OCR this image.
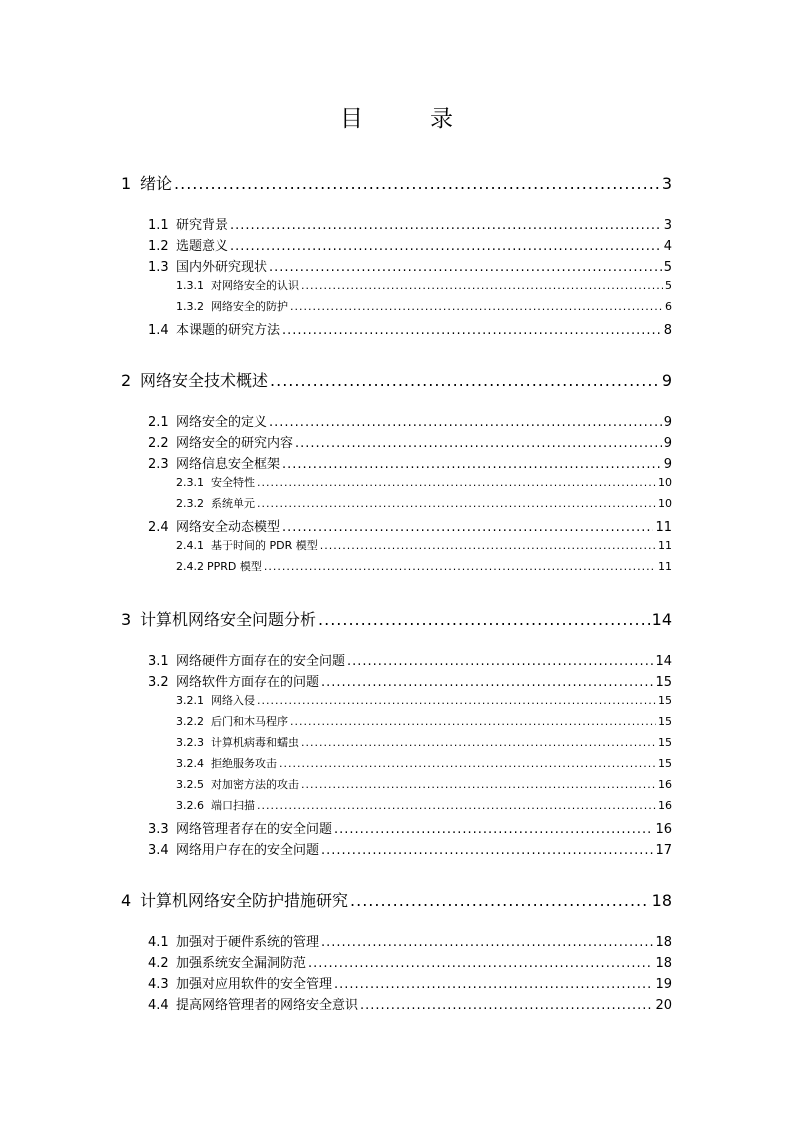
目　录
1 绪论 .....	3
1.1 研究背景 .....	3
1.2 选题意义 .....	4
1.3 国内外研究现状 .....	5
1.3.1 对网络安全的认识 .....	5
1.3.2 网络安全的防护 .....	6
1.4 本课题的研究方法 .....	8
2 网络安全技术概述 .....	9
2.1 网络安全的定义 .....	9
2.2 网络安全的研究内容 .....	9
2.3 网络信息安全框架 .....	9
2.3.1 安全特性 .....	10
2.3.2 系统单元 .....	10
2.4 网络安全动态模型 .....	11
2.4.1 基于时间的 PDR 模型 .....	11
2.4.2 PPRD 模型 .....	11
3 计算机网络安全问题分析 .....	14
3.1 网络硬件方面存在的安全问题 .....	14
3.2 网络软件方面存在的问题 .....	15
3.2.1 网络入侵 .....	15
3.2.2 后门和木马程序 .....	15
3.2.3 计算机病毒和蠕虫 .....	15
3.2.4 拒绝服务攻击 .....	15
3.2.5 对加密方法的攻击 .....	16
3.2.6 端口扫描 .....	16
3.3 网络管理者存在的安全问题 .....	16
3.4 网络用户存在的安全问题 .....	17
4 计算机网络安全防护措施研究 .....	18
4.1 加强对于硬件系统的管理 .....	18
4.2 加强系统安全漏洞防范 .....	18
4.3 加强对应用软件的安全管理 .....	19
4.4 提高网络管理者的网络安全意识 .....	20
